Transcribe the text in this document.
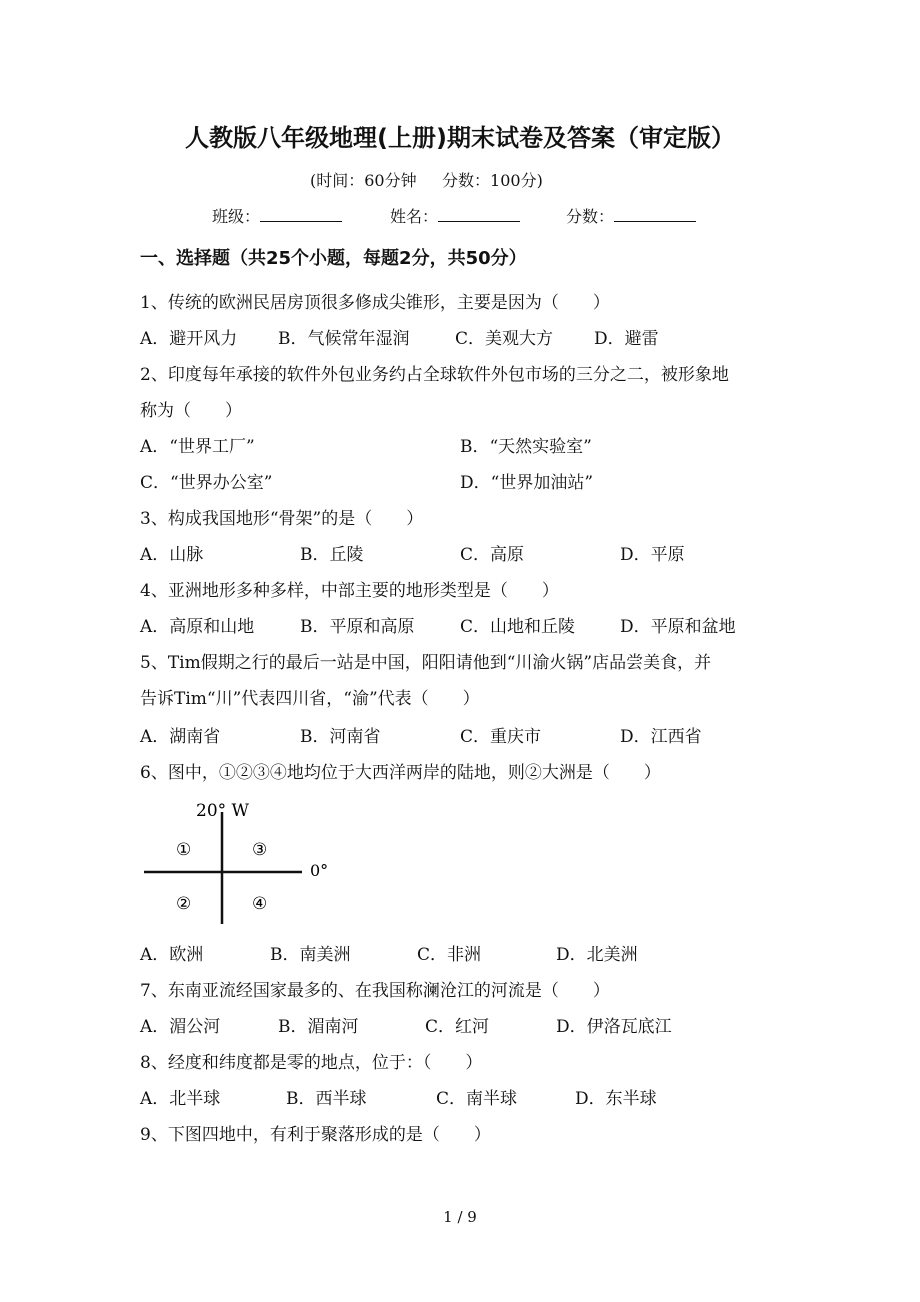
人教版八年级地理(上册)期末试卷及答案（审定版）
(时间：60分钟     分数：100分)
班级：	姓名：	分数：
一、选择题（共25个小题，每题2分，共50分）
1、传统的欧洲民居房顶很多修成尖锥形，主要是因为（　　）
A．避开风力 B．气候常年湿润	C．美观大方 D．避雷
2、印度每年承接的软件外包业务约占全球软件外包市场的三分之二，被形象地
称为（　　）
A．“世界工厂”	B．“天然实验室”
C．“世界办公室”	D．“世界加油站”
3、构成我国地形“骨架”的是（　　）
A．山脉	B．丘陵	C．高原	D．平原
4、亚洲地形多种多样，中部主要的地形类型是（　　）
A．高原和山地	B．平原和高原	C．山地和丘陵	D．平原和盆地
5、Tim假期之行的最后一站是中国，阳阳请他到“川渝火锅”店品尝美食，并
告诉Tim“川”代表四川省，“渝”代表（　　）
A．湖南省	B．河南省	C．重庆市	D．江西省
6、图中，①②③④地均位于大西洋两岸的陆地，则②大洲是（　　）
20° W
0°
①	③
②	④
A．欧洲	B．南美洲	C．非洲	D．北美洲
7、东南亚流经国家最多的、在我国称澜沧江的河流是（　　）
A．湄公河	B．湄南河	C．红河	D．伊洛瓦底江
8、经度和纬度都是零的地点，位于：（　　）
A．北半球	B．西半球	C．南半球	D．东半球
9、下图四地中，有利于聚落形成的是（　　）
1 / 9
